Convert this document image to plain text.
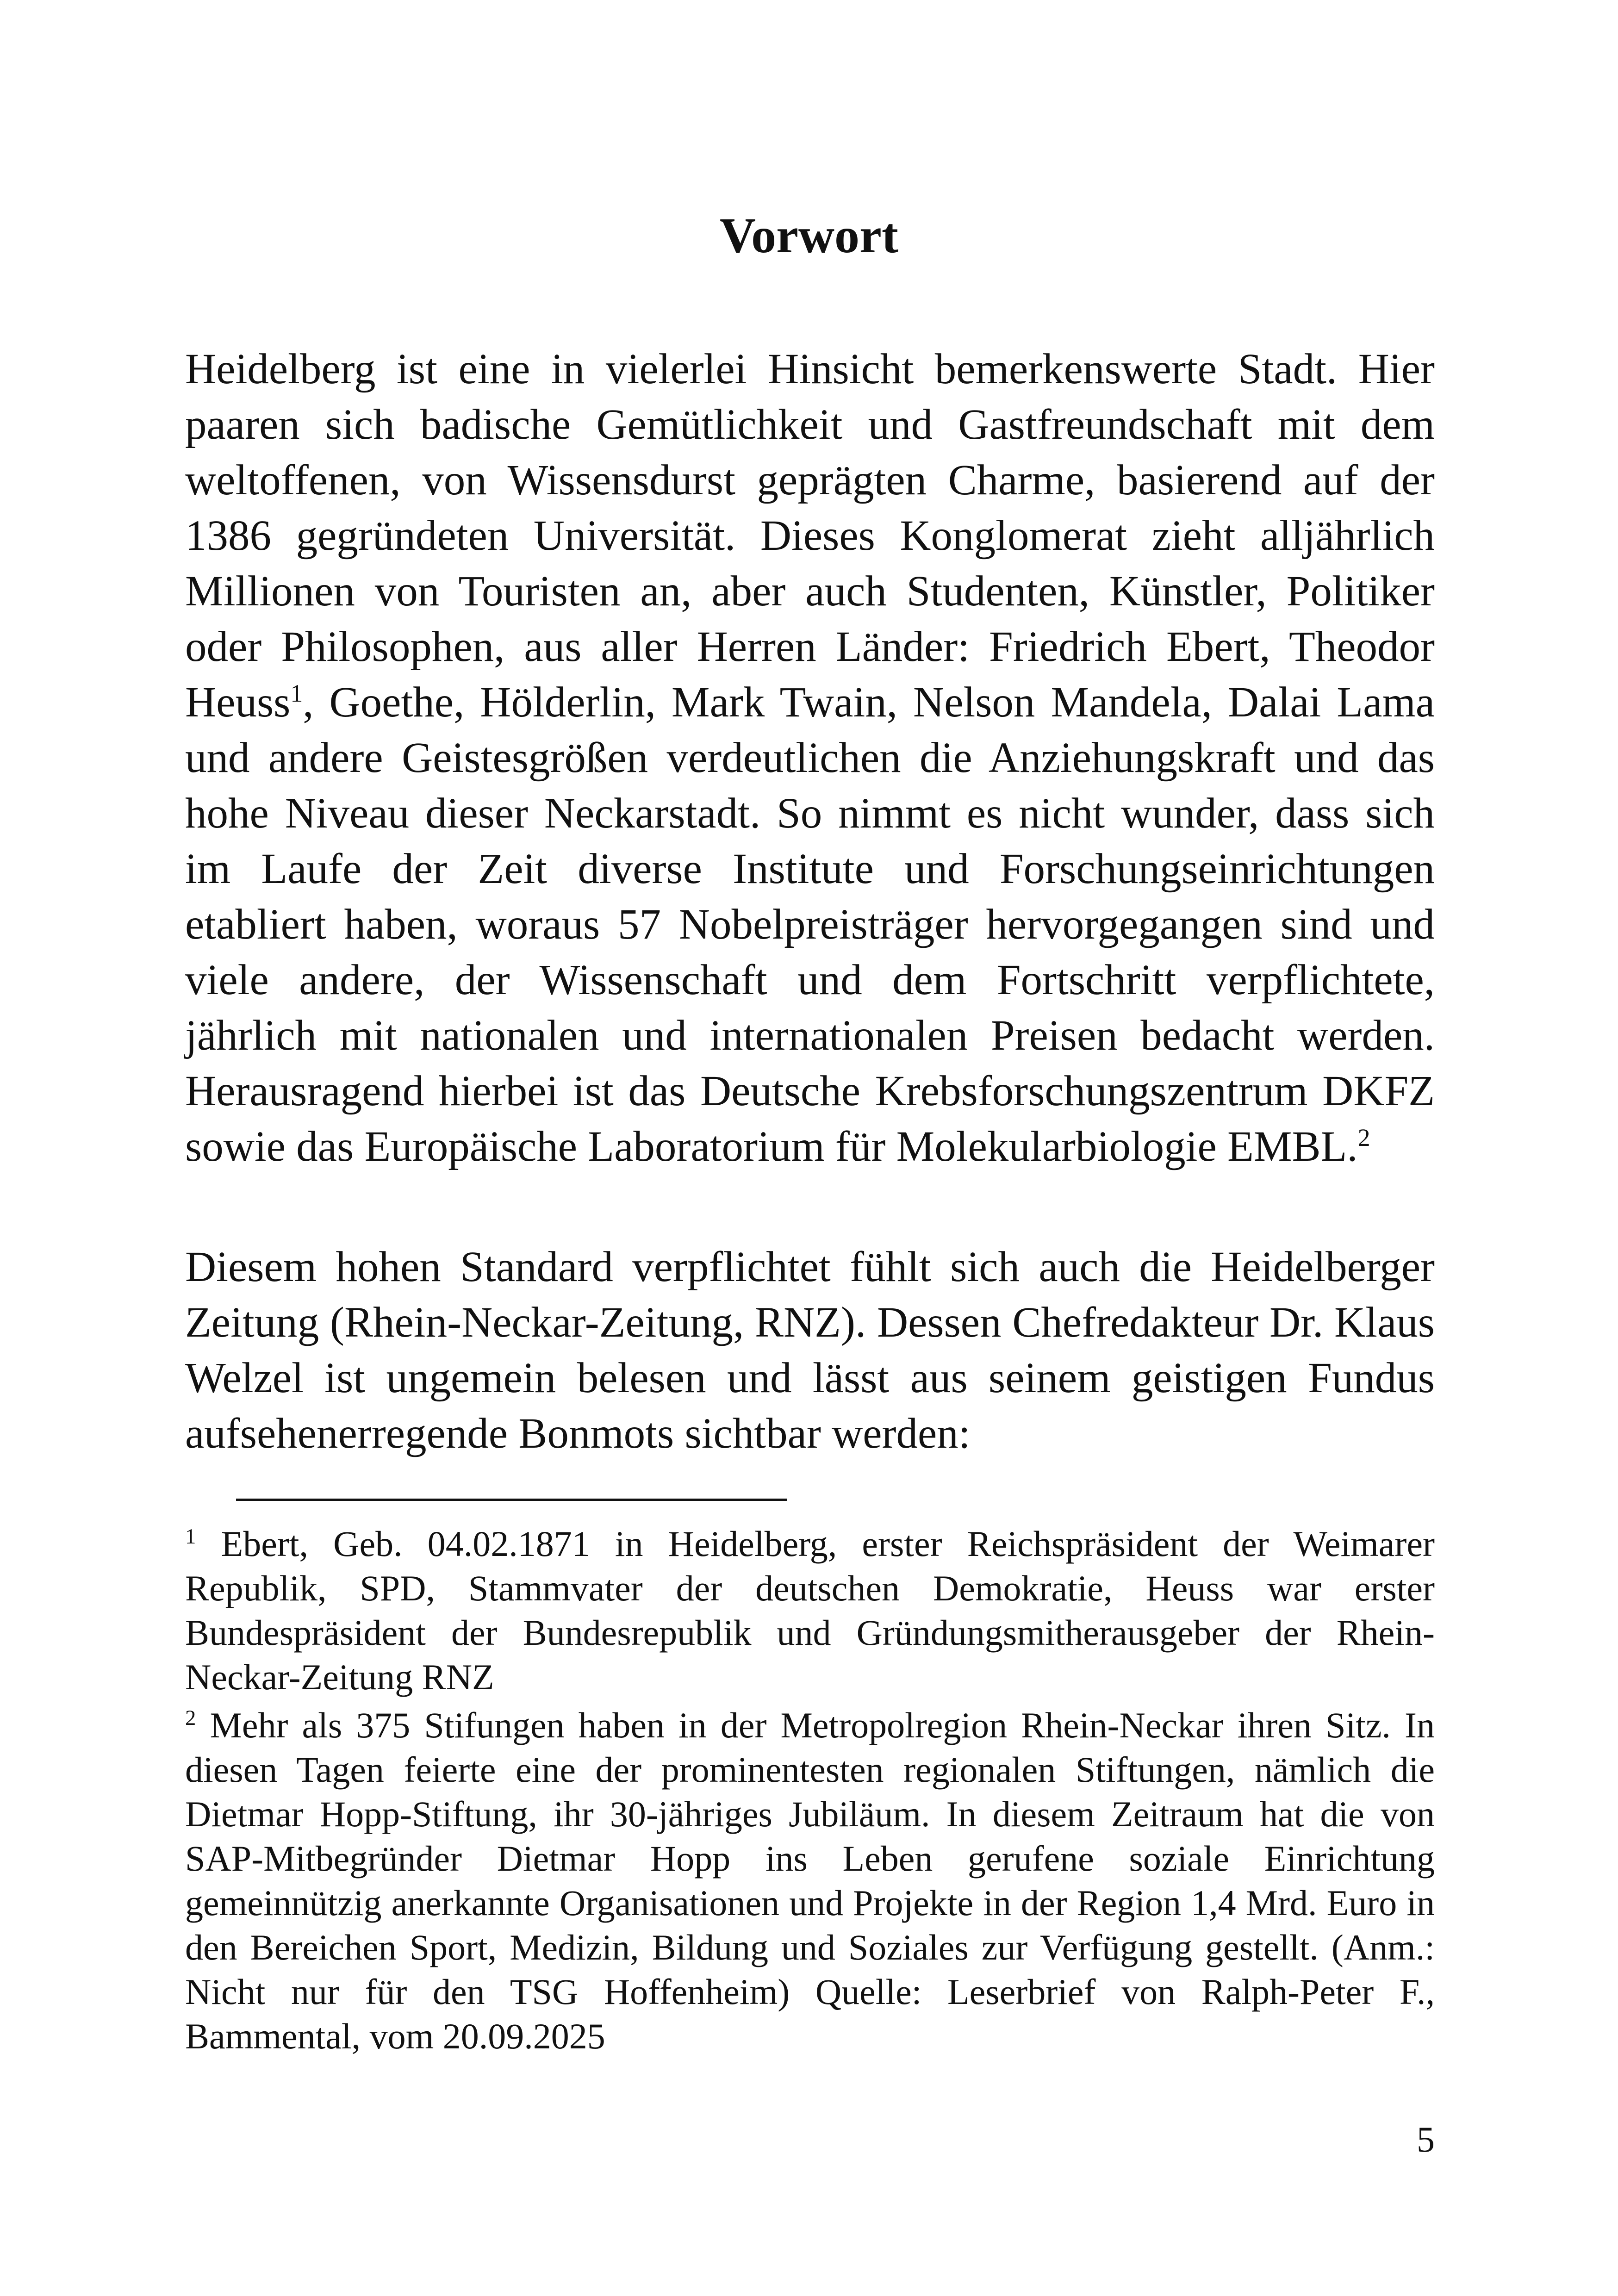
Vorwort

Heidelberg ist eine in vielerlei Hinsicht bemerkenswerte Stadt. Hier paaren sich badische Gemütlichkeit und Gastfreundschaft mit dem weltoffenen, von Wissensdurst geprägten Charme, basierend auf der 1386 gegründeten Universität. Dieses Konglomerat zieht alljährlich Millionen von Touristen an, aber auch Studenten, Künstler, Politiker oder Philosophen, aus aller Herren Länder: Friedrich Ebert, Theodor Heuss$^1$, Goethe, Hölderlin, Mark Twain, Nelson Mandela, Dalai Lama und andere Geistesgrößen verdeutlichen die Anziehungskraft und das hohe Niveau dieser Neckarstadt. So nimmt es nicht wunder, dass sich im Laufe der Zeit diverse Institute und Forschungseinrichtungen etabliert haben, woraus 57 Nobelpreisträger hervorgegangen sind und viele andere, der Wissenschaft und dem Fortschritt verpflichtete, jährlich mit nationalen und internationalen Preisen bedacht werden. Herausragend hierbei ist das Deutsche Krebsforschungszentrum DKFZ sowie das Europäische Laboratorium für Molekularbiologie EMBL.$^2$

Diesem hohen Standard verpflichtet fühlt sich auch die Heidelberger Zeitung (Rhein-Neckar-Zeitung, RNZ). Dessen Chefredakteur Dr. Klaus Welzel ist ungemein belesen und lässt aus seinem geistigen Fundus aufsehenerregende Bonmots sichtbar werden:

$^1$ Ebert, Geb. 04.02.1871 in Heidelberg, erster Reichspräsident der Weimarer Republik, SPD, Stammvater der deutschen Demokratie, Heuss war erster Bundespräsident der Bundesrepublik und Gründungsmitherausgeber der Rhein-Neckar-Zeitung RNZ

$^2$ Mehr als 375 Stifungen haben in der Metropolregion Rhein-Neckar ihren Sitz. In diesen Tagen feierte eine der prominentesten regionalen Stiftungen, nämlich die Dietmar Hopp-Stiftung, ihr 30-jähriges Jubiläum. In diesem Zeitraum hat die von SAP-Mitbegründer Dietmar Hopp ins Leben gerufene soziale Einrichtung gemeinnützig anerkannte Organisationen und Projekte in der Region 1,4 Mrd. Euro in den Bereichen Sport, Medizin, Bildung und Soziales zur Verfügung gestellt. (Anm.: Nicht nur für den TSG Hoffenheim) Quelle: Leserbrief von Ralph-Peter F., Bammental, vom 20.09.2025

5
